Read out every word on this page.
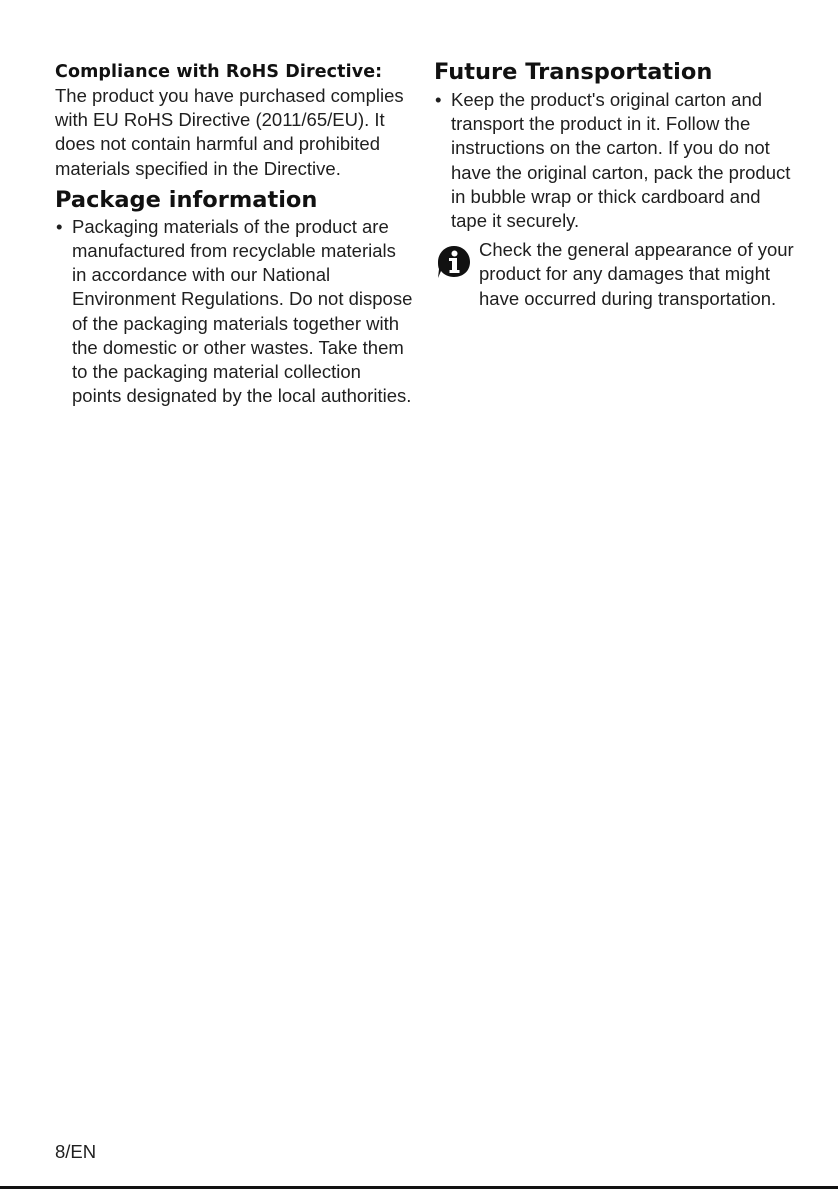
Compliance with RoHS Directive:

The product you have purchased complies with EU RoHS Directive (2011/65/EU). It does not contain harmful and prohibited materials specified in the Directive.

Package information
• Packaging materials of the product are manufactured from recyclable materials in accordance with our National Environment Regulations. Do not dispose of the packaging materials together with the domestic or other wastes. Take them to the packaging material collection points designated by the local authorities.
Future Transportation
• Keep the product's original carton and transport the product in it. Follow the instructions on the carton. If you do not have the original carton, pack the product in bubble wrap or thick cardboard and tape it securely.

Check the general appearance of your product for any damages that might have occurred during transportation.

8/EN
